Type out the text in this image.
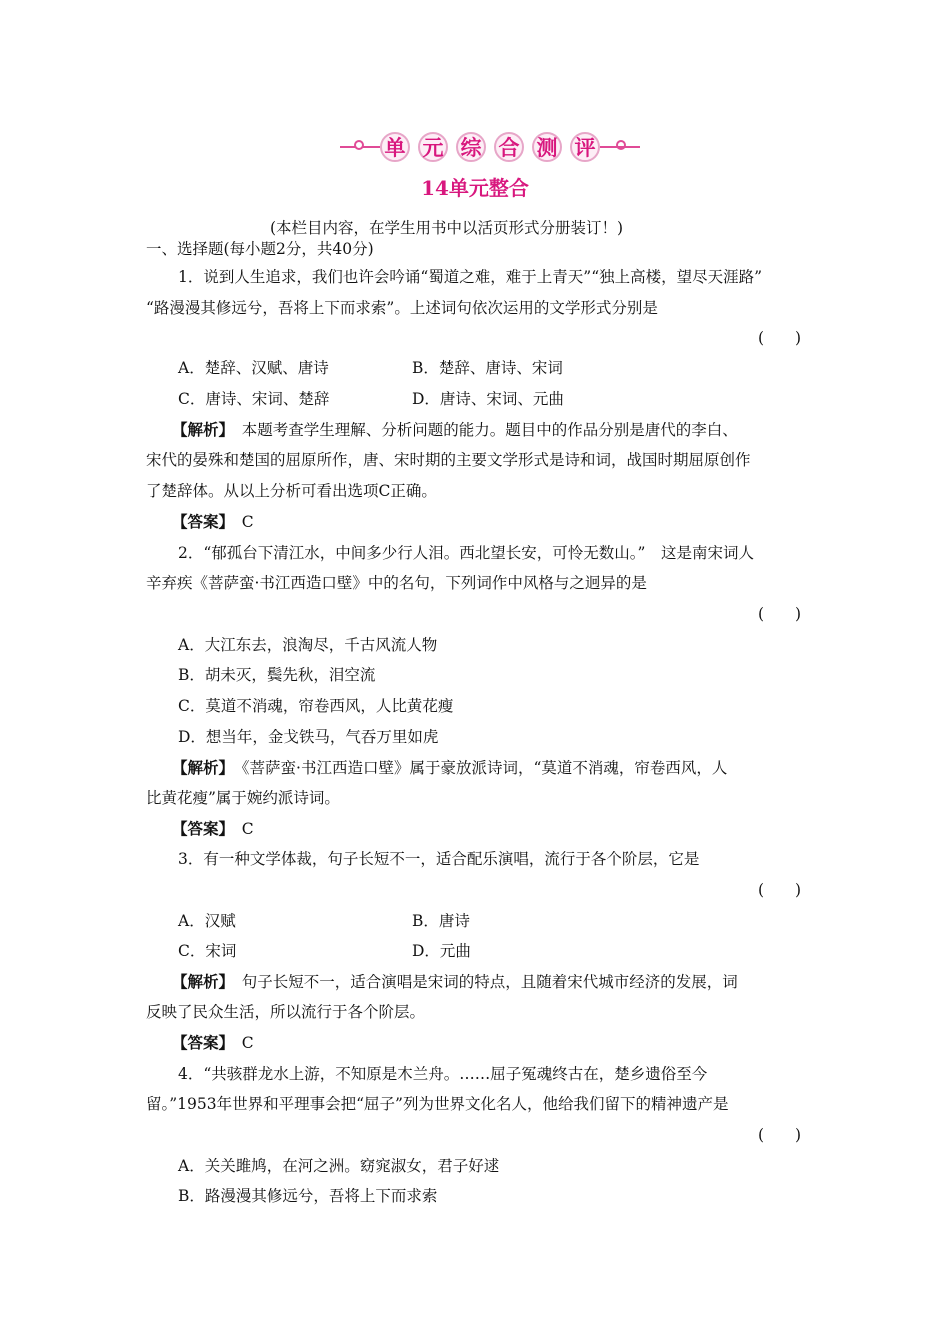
单 元 综 合 测 评
14单元整合
(本栏目内容，在学生用书中以活页形式分册装订！)
一、选择题(每小题2分，共40分)
1．说到人生追求，我们也许会吟诵“蜀道之难，难于上青天”“独上高楼，望尽天涯路”
“路漫漫其修远兮，吾将上下而求索”。上述词句依次运用的文学形式分别是
(　　)
A．楚辞、汉赋、唐诗	B．楚辞、唐诗、宋词
C．唐诗、宋词、楚辞	D．唐诗、宋词、元曲
【解析】　本题考查学生理解、分析问题的能力。题目中的作品分别是唐代的李白、
宋代的晏殊和楚国的屈原所作，唐、宋时期的主要文学形式是诗和词，战国时期屈原创作
了楚辞体。从以上分析可看出选项C正确。
【答案】　C
2．“郁孤台下清江水，中间多少行人泪。西北望长安，可怜无数山。”　这是南宋词人
辛弃疾《菩萨蛮·书江西造口壁》中的名句，下列词作中风格与之迥异的是
(　　)
A．大江东去，浪淘尽，千古风流人物
B．胡未灭，鬓先秋，泪空流
C．莫道不消魂，帘卷西风，人比黄花瘦
D．想当年，金戈铁马，气吞万里如虎
【解析】　《菩萨蛮·书江西造口壁》属于豪放派诗词，“莫道不消魂，帘卷西风，人
比黄花瘦”属于婉约派诗词。
【答案】　C
3．有一种文学体裁，句子长短不一，适合配乐演唱，流行于各个阶层，它是
(　　)
A．汉赋	B．唐诗
C．宋词	D．元曲
【解析】　句子长短不一，适合演唱是宋词的特点，且随着宋代城市经济的发展，词
反映了民众生活，所以流行于各个阶层。
【答案】　C
4．“共骇群龙水上游，不知原是木兰舟。……屈子冤魂终古在，楚乡遗俗至今
留。”1953年世界和平理事会把“屈子”列为世界文化名人，他给我们留下的精神遗产是
(　　)
A．关关雎鸠，在河之洲。窈窕淑女，君子好逑
B．路漫漫其修远兮，吾将上下而求索
